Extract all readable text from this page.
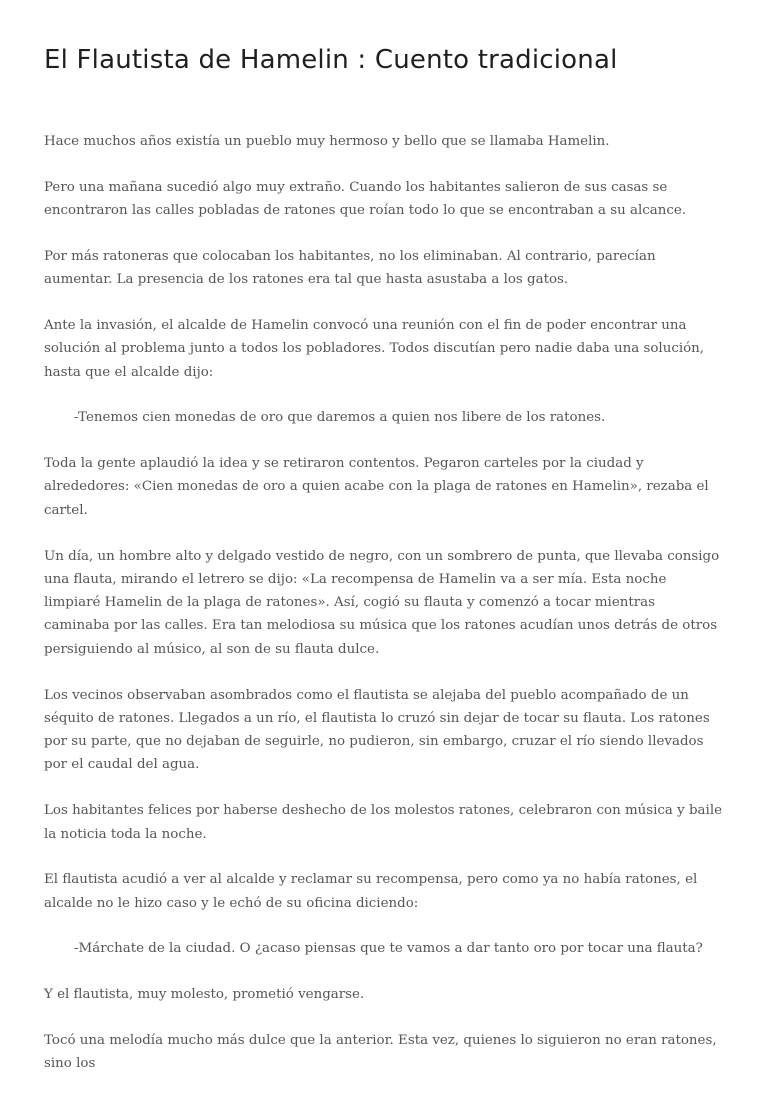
El Flautista de Hamelin : Cuento tradicional

Hace muchos años existía un pueblo muy hermoso y bello que se llamaba Hamelin.

Pero una mañana sucedió algo muy extraño. Cuando los habitantes salieron de sus casas se encontraron las calles pobladas de ratones que roían todo lo que se encontraban a su alcance.

Por más ratoneras que colocaban los habitantes, no los eliminaban. Al contrario, parecían aumentar. La presencia de los ratones era tal que hasta asustaba a los gatos.

Ante la invasión, el alcalde de Hamelin convocó una reunión con el fin de poder encontrar una solución al problema junto a todos los pobladores. Todos discutían pero nadie daba una solución, hasta que el alcalde dijo:

-Tenemos cien monedas de oro que daremos a quien nos libere de los ratones.

Toda la gente aplaudió la idea y se retiraron contentos. Pegaron carteles por la ciudad y alrededores: «Cien monedas de oro a quien acabe con la plaga de ratones en Hamelin», rezaba el cartel.

Un día, un hombre alto y delgado vestido de negro, con un sombrero de punta, que llevaba consigo una flauta, mirando el letrero se dijo: «La recompensa de Hamelin va a ser mía. Esta noche limpiaré Hamelin de la plaga de ratones». Así, cogió su flauta y comenzó a tocar mientras caminaba por las calles. Era tan melodiosa su música que los ratones acudían unos detrás de otros persiguiendo al músico, al son de su flauta dulce.

Los vecinos observaban asombrados como el flautista se alejaba del pueblo acompañado de un séquito de ratones. Llegados a un río, el flautista lo cruzó sin dejar de tocar su flauta. Los ratones por su parte, que no dejaban de seguirle, no pudieron, sin embargo, cruzar el río siendo llevados por el caudal del agua.

Los habitantes felices por haberse deshecho de los molestos ratones, celebraron con música y baile la noticia toda la noche.

El flautista acudió a ver al alcalde y reclamar su recompensa, pero como ya no había ratones, el alcalde no le hizo caso y le echó de su oficina diciendo:

-Márchate de la ciudad. O ¿acaso piensas que te vamos a dar tanto oro por tocar una flauta?

Y el flautista, muy molesto, prometió vengarse.

Tocó una melodía mucho más dulce que la anterior. Esta vez, quienes lo siguieron no eran ratones, sino los
